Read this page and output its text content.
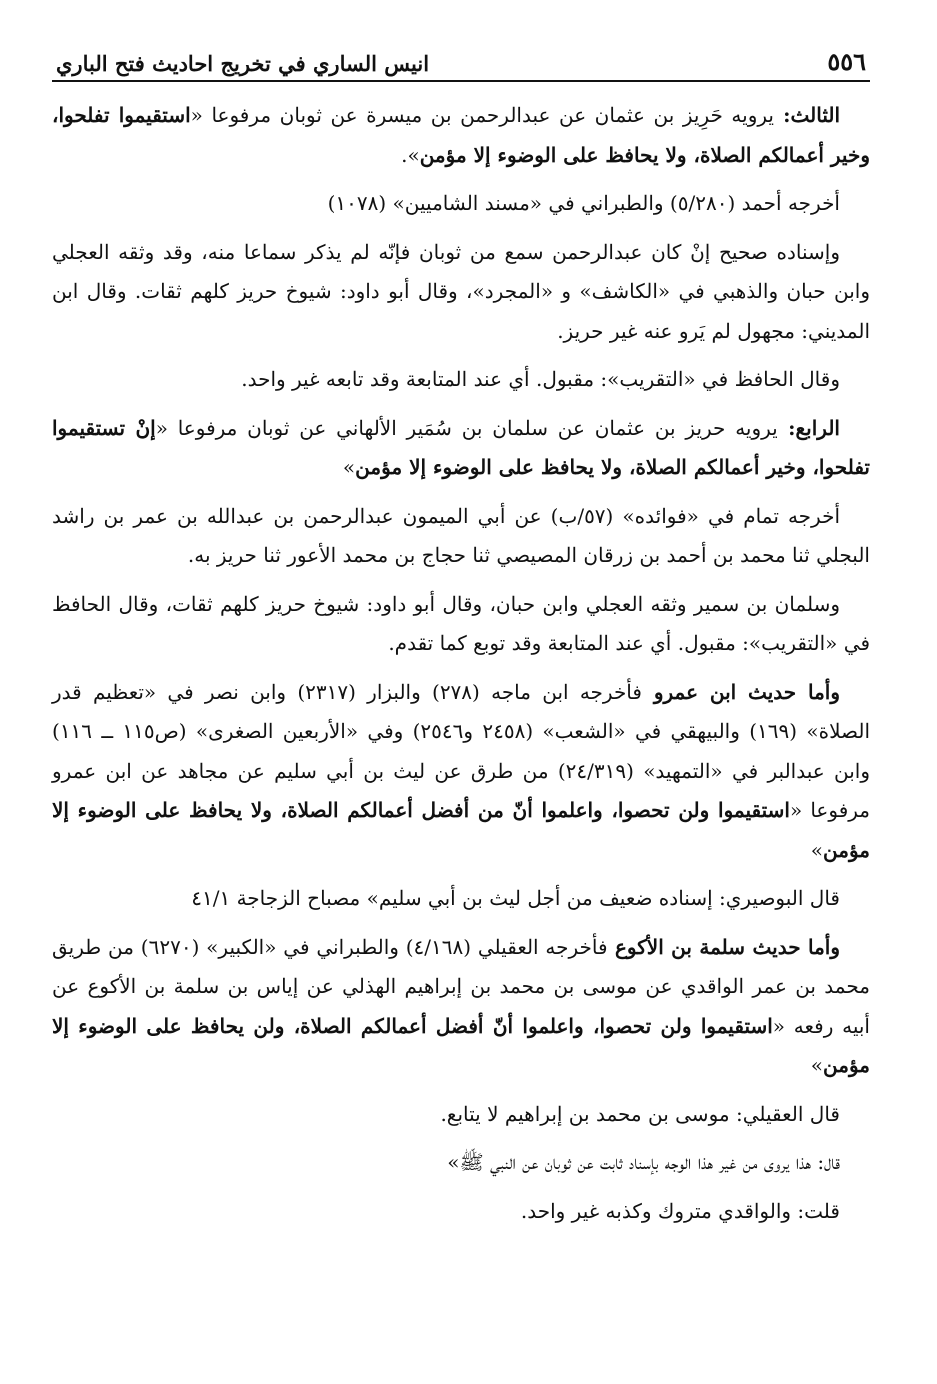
٥٥٦
انيس الساري في تخريج احاديث فتح الباري

الثالث: يرويه حَرِيز بن عثمان عن عبدالرحمن بن ميسرة عن ثوبان مرفوعا «استقيموا تفلحوا، وخير أعمالكم الصلاة، ولا يحافظ على الوضوء إلا مؤمن».

أخرجه أحمد (٥/٢٨٠) والطبراني في «مسند الشاميين» (١٠٧٨)

وإسناده صحيح إنْ كان عبدالرحمن سمع من ثوبان فإنّه لم يذكر سماعا منه، وقد وثقه العجلي وابن حبان والذهبي في «الكاشف» و «المجرد»، وقال أبو داود: شيوخ حريز كلهم ثقات. وقال ابن المديني: مجهول لم يَرو عنه غير حريز.

وقال الحافظ في «التقريب»: مقبول. أي عند المتابعة وقد تابعه غير واحد.

الرابع: يرويه حريز بن عثمان عن سلمان بن سُمَير الألهاني عن ثوبان مرفوعا «إنْ تستقيموا تفلحوا، وخير أعمالكم الصلاة، ولا يحافظ على الوضوء إلا مؤمن»

أخرجه تمام في «فوائده» (٥٧/ب) عن أبي الميمون عبدالرحمن بن عبدالله بن عمر بن راشد البجلي ثنا محمد بن أحمد بن زرقان المصيصي ثنا حجاج بن محمد الأعور ثنا حريز به.

وسلمان بن سمير وثقه العجلي وابن حبان، وقال أبو داود: شيوخ حريز كلهم ثقات، وقال الحافظ في «التقريب»: مقبول. أي عند المتابعة وقد توبع كما تقدم.

وأما حديث ابن عمرو فأخرجه ابن ماجه (٢٧٨) والبزار (٢٣١٧) وابن نصر في «تعظيم قدر الصلاة» (١٦٩) والبيهقي في «الشعب» (٢٤٥٨ و٢٥٤٦) وفي «الأربعين الصغرى» (ص١١٥ ــ ١١٦) وابن عبدالبر في «التمهيد» (٢٤/٣١٩) من طرق عن ليث بن أبي سليم عن مجاهد عن ابن عمرو مرفوعا «استقيموا ولن تحصوا، واعلموا أنّ من أفضل أعمالكم الصلاة، ولا يحافظ على الوضوء إلا مؤمن»

قال البوصيري: إسناده ضعيف من أجل ليث بن أبي سليم» مصباح الزجاجة ٤١/١

وأما حديث سلمة بن الأكوع فأخرجه العقيلي (٤/١٦٨) والطبراني في «الكبير» (٦٢٧٠) من طريق محمد بن عمر الواقدي عن موسى بن محمد بن إبراهيم الهذلي عن إياس بن سلمة بن الأكوع عن أبيه رفعه «استقيموا ولن تحصوا، واعلموا أنّ أفضل أعمالكم الصلاة، ولن يحافظ على الوضوء إلا مؤمن»

قال العقيلي: موسى بن محمد بن إبراهيم لا يتابع.

قال: هذا يروى من غير هذا الوجه بإسناد ثابت عن ثوبان عن النبي ﷺ»

قلت: والواقدي متروك وكذبه غير واحد.
